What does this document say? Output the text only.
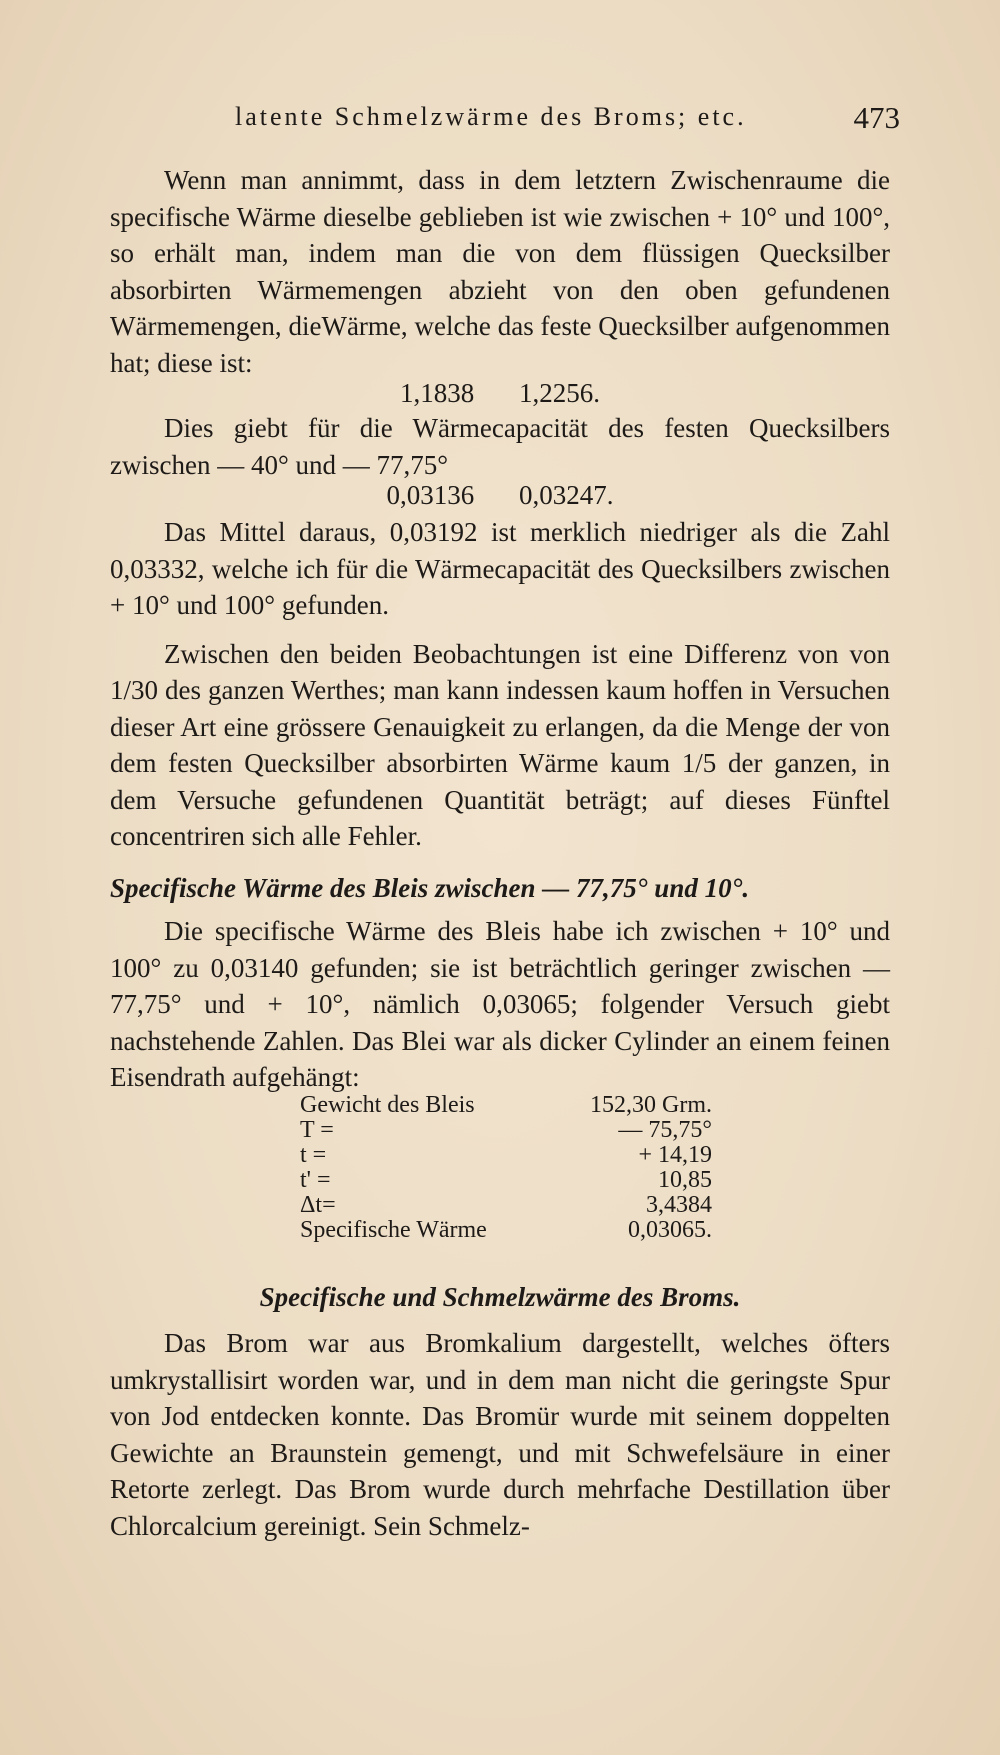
latente Schmelzwärme des Broms; etc.	473

Wenn man annimmt, dass in dem letztern Zwischenraume die specifische Wärme dieselbe geblieben ist wie zwischen + 10° und 100°, so erhält man, indem man die von dem flüssigen Quecksilber absorbirten Wärmemengen abzieht von den oben gefundenen Wärmemengen, dieWärme, welche das feste Quecksilber aufgenommen hat; diese ist:

1,1838 1,2256.

Dies giebt für die Wärmecapacität des festen Quecksilbers zwischen — 40° und — 77,75°

0,03136 0,03247.

Das Mittel daraus, 0,03192 ist merklich niedriger als die Zahl 0,03332, welche ich für die Wärmecapacität des Quecksilbers zwischen + 10° und 100° gefunden.

Zwischen den beiden Beobachtungen ist eine Differenz von von 1/30 des ganzen Werthes; man kann indessen kaum hoffen in Versuchen dieser Art eine grössere Genauigkeit zu erlangen, da die Menge der von dem festen Quecksilber absorbirten Wärme kaum 1/5 der ganzen, in dem Versuche gefundenen Quantität beträgt; auf dieses Fünftel concentriren sich alle Fehler.

Specifische Wärme des Bleis zwischen — 77,75° und 10°.

Die specifische Wärme des Bleis habe ich zwischen + 10° und 100° zu 0,03140 gefunden; sie ist beträchtlich geringer zwischen — 77,75° und + 10°, nämlich 0,03065; folgender Versuch giebt nachstehende Zahlen. Das Blei war als dicker Cylinder an einem feinen Eisendrath aufgehängt:

Gewicht des Bleis		152,30 Grm.
T =		— 75,75°
t =		+ 14,19
t' =		10,85
Δt=		3,4384
Specifische Wärme		0,03065.
Specifische und Schmelzwärme des Broms.

Das Brom war aus Bromkalium dargestellt, welches öfters umkrystallisirt worden war, und in dem man nicht die geringste Spur von Jod entdecken konnte. Das Bromür wurde mit seinem doppelten Gewichte an Braunstein gemengt, und mit Schwefelsäure in einer Retorte zerlegt. Das Brom wurde durch mehrfache Destillation über Chlorcalcium gereinigt. Sein Schmelz-
